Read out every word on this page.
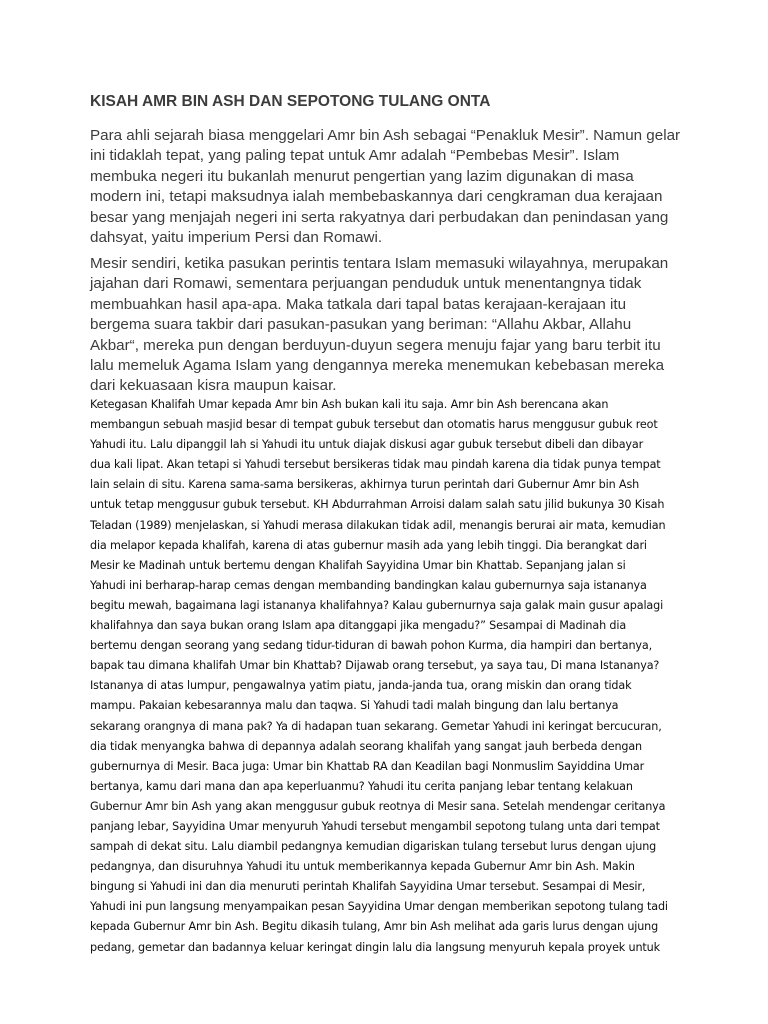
KISAH AMR BIN ASH DAN SEPOTONG TULANG ONTA
Para ahli sejarah biasa menggelari Amr bin Ash sebagai “Penakluk Mesir”. Namun gelar
ini tidaklah tepat, yang paling tepat untuk Amr adalah “Pembebas Mesir”. Islam
membuka negeri itu bukanlah menurut pengertian yang lazim digunakan di masa
modern ini, tetapi maksudnya ialah membebaskannya dari cengkraman dua kerajaan
besar yang menjajah negeri ini serta rakyatnya dari perbudakan dan penindasan yang
dahsyat, yaitu imperium Persi dan Romawi.
Mesir sendiri, ketika pasukan perintis tentara Islam memasuki wilayahnya, merupakan
jajahan dari Romawi, sementara perjuangan penduduk untuk menentangnya tidak
membuahkan hasil apa-apa. Maka tatkala dari tapal batas kerajaan-kerajaan itu
bergema suara takbir dari pasukan-pasukan yang beriman: “Allahu Akbar, Allahu
Akbar“, mereka pun dengan berduyun-duyun segera menuju fajar yang baru terbit itu
lalu memeluk Agama Islam yang dengannya mereka menemukan kebebasan mereka
dari kekuasaan kisra maupun kaisar.
Ketegasan Khalifah Umar kepada Amr bin Ash bukan kali itu saja. Amr bin Ash berencana akan
membangun sebuah masjid besar di tempat gubuk tersebut dan otomatis harus menggusur gubuk reot
Yahudi itu. Lalu dipanggil lah si Yahudi itu untuk diajak diskusi agar gubuk tersebut dibeli dan dibayar
dua kali lipat. Akan tetapi si Yahudi tersebut bersikeras tidak mau pindah karena dia tidak punya tempat
lain selain di situ. Karena sama-sama bersikeras, akhirnya turun perintah dari Gubernur Amr bin Ash
untuk tetap menggusur gubuk tersebut. KH Abdurrahman Arroisi dalam salah satu jilid bukunya 30 Kisah
Teladan (1989) menjelaskan, si Yahudi merasa dilakukan tidak adil, menangis berurai air mata, kemudian
dia melapor kepada khalifah, karena di atas gubernur masih ada yang lebih tinggi. Dia berangkat dari
Mesir ke Madinah untuk bertemu dengan Khalifah Sayyidina Umar bin Khattab. Sepanjang jalan si
Yahudi ini berharap-harap cemas dengan membanding bandingkan kalau gubernurnya saja istananya
begitu mewah, bagaimana lagi istananya khalifahnya? Kalau gubernurnya saja galak main gusur apalagi
khalifahnya dan saya bukan orang Islam apa ditanggapi jika mengadu?” Sesampai di Madinah dia
bertemu dengan seorang yang sedang tidur-tiduran di bawah pohon Kurma, dia hampiri dan bertanya,
bapak tau dimana khalifah Umar bin Khattab? Dijawab orang tersebut, ya saya tau, Di mana Istananya?
Istananya di atas lumpur, pengawalnya yatim piatu, janda-janda tua, orang miskin dan orang tidak
mampu. Pakaian kebesarannya malu dan taqwa. Si Yahudi tadi malah bingung dan lalu bertanya
sekarang orangnya di mana pak? Ya di hadapan tuan sekarang. Gemetar Yahudi ini keringat bercucuran,
dia tidak menyangka bahwa di depannya adalah seorang khalifah yang sangat jauh berbeda dengan
gubernurnya di Mesir. Baca juga: Umar bin Khattab RA dan Keadilan bagi Nonmuslim Sayiddina Umar
bertanya, kamu dari mana dan apa keperluanmu? Yahudi itu cerita panjang lebar tentang kelakuan
Gubernur Amr bin Ash yang akan menggusur gubuk reotnya di Mesir sana. Setelah mendengar ceritanya
panjang lebar, Sayyidina Umar menyuruh Yahudi tersebut mengambil sepotong tulang unta dari tempat
sampah di dekat situ. Lalu diambil pedangnya kemudian digariskan tulang tersebut lurus dengan ujung
pedangnya, dan disuruhnya Yahudi itu untuk memberikannya kepada Gubernur Amr bin Ash. Makin
bingung si Yahudi ini dan dia menuruti perintah Khalifah Sayyidina Umar tersebut. Sesampai di Mesir,
Yahudi ini pun langsung menyampaikan pesan Sayyidina Umar dengan memberikan sepotong tulang tadi
kepada Gubernur Amr bin Ash. Begitu dikasih tulang, Amr bin Ash melihat ada garis lurus dengan ujung
pedang, gemetar dan badannya keluar keringat dingin lalu dia langsung menyuruh kepala proyek untuk
